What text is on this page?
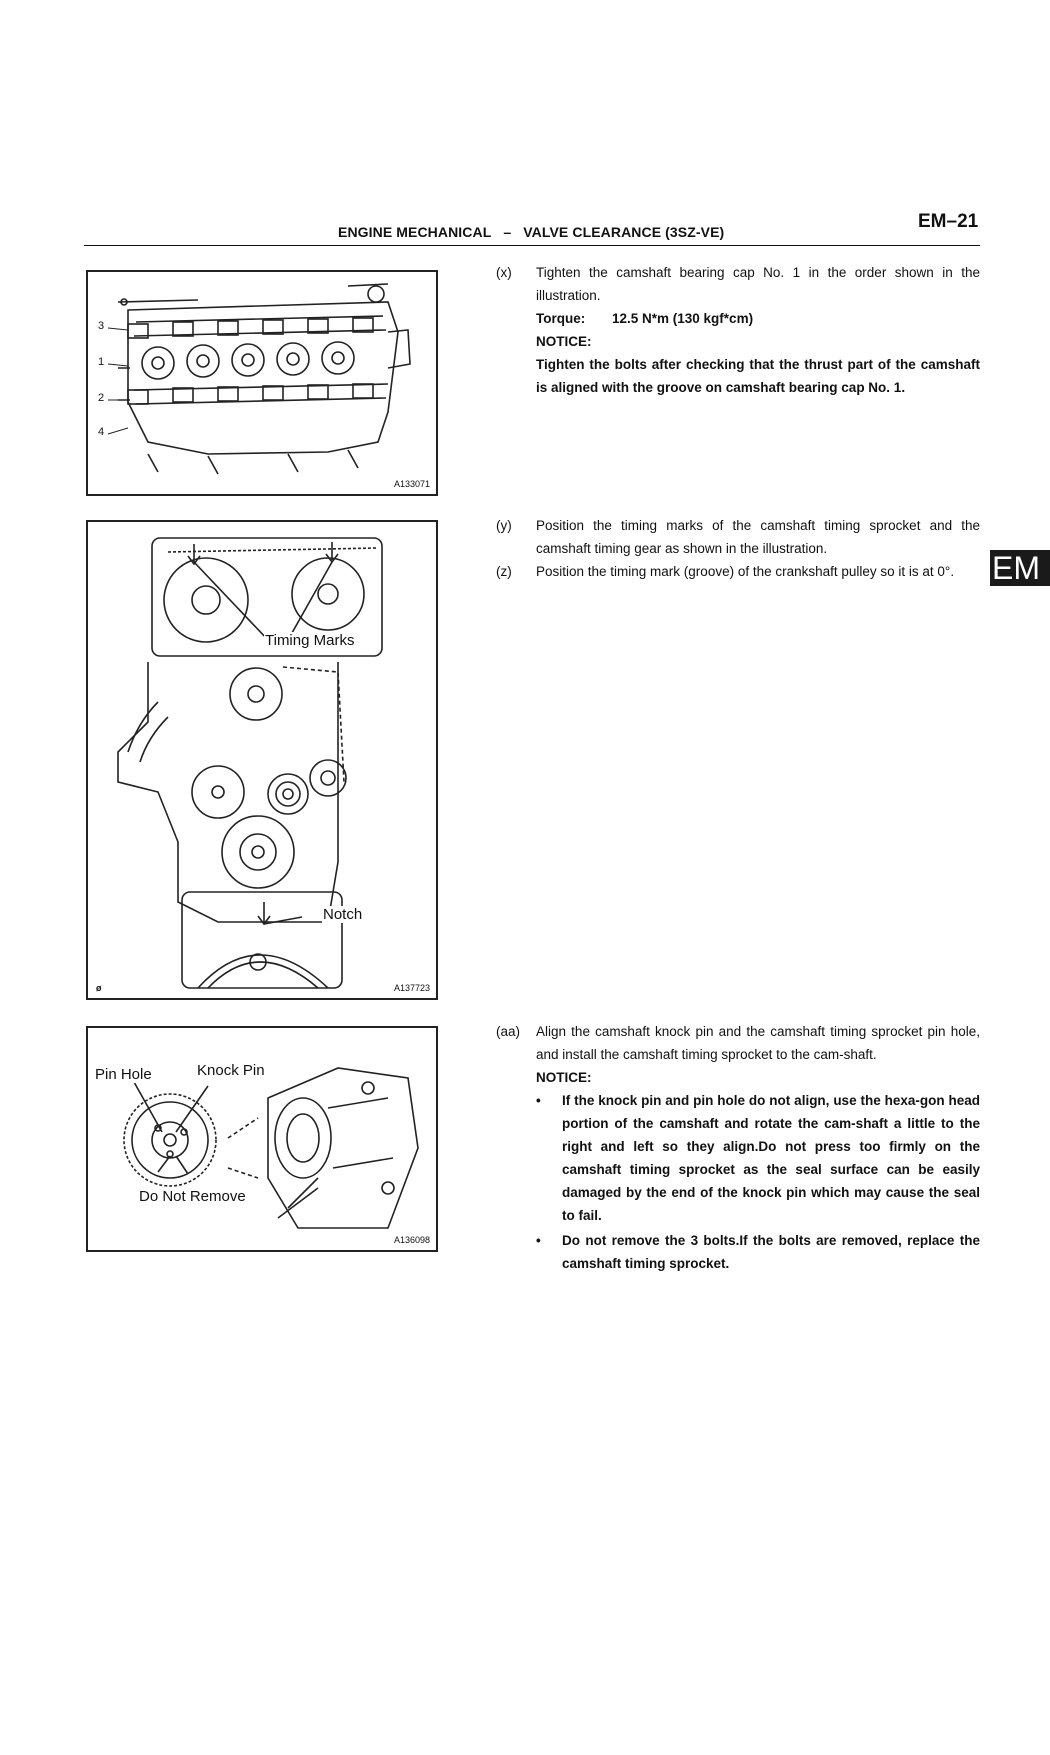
ENGINE MECHANICAL – VALVE CLEARANCE (3SZ-VE)	EM–21
EM
3
1
2
4
A133071
Timing Marks
Notch
ø	A137723
Pin Hole	Knock Pin
Do Not Remove
A136098
(x) Tighten the camshaft bearing cap No. 1 in the order shown in the illustration.
Torque: 12.5 N*m (130 kgf*cm)
NOTICE:
Tighten the bolts after checking that the thrust part of the camshaft is aligned with the groove on camshaft bearing cap No. 1.
(y) Position the timing marks of the camshaft timing sprocket and the camshaft timing gear as shown in the illustration.
(z) Position the timing mark (groove) of the crankshaft pulley so it is at 0°.
(aa) Align the camshaft knock pin and the camshaft timing sprocket pin hole, and install the camshaft timing sprocket to the cam-shaft.
NOTICE:
• If the knock pin and pin hole do not align, use the hexa-gon head portion of the camshaft and rotate the cam-shaft a little to the right and left so they align.Do not press too firmly on the camshaft timing sprocket as the seal surface can be easily damaged by the end of the knock pin which may cause the seal to fail.
• Do not remove the 3 bolts.If the bolts are removed, replace the camshaft timing sprocket.
